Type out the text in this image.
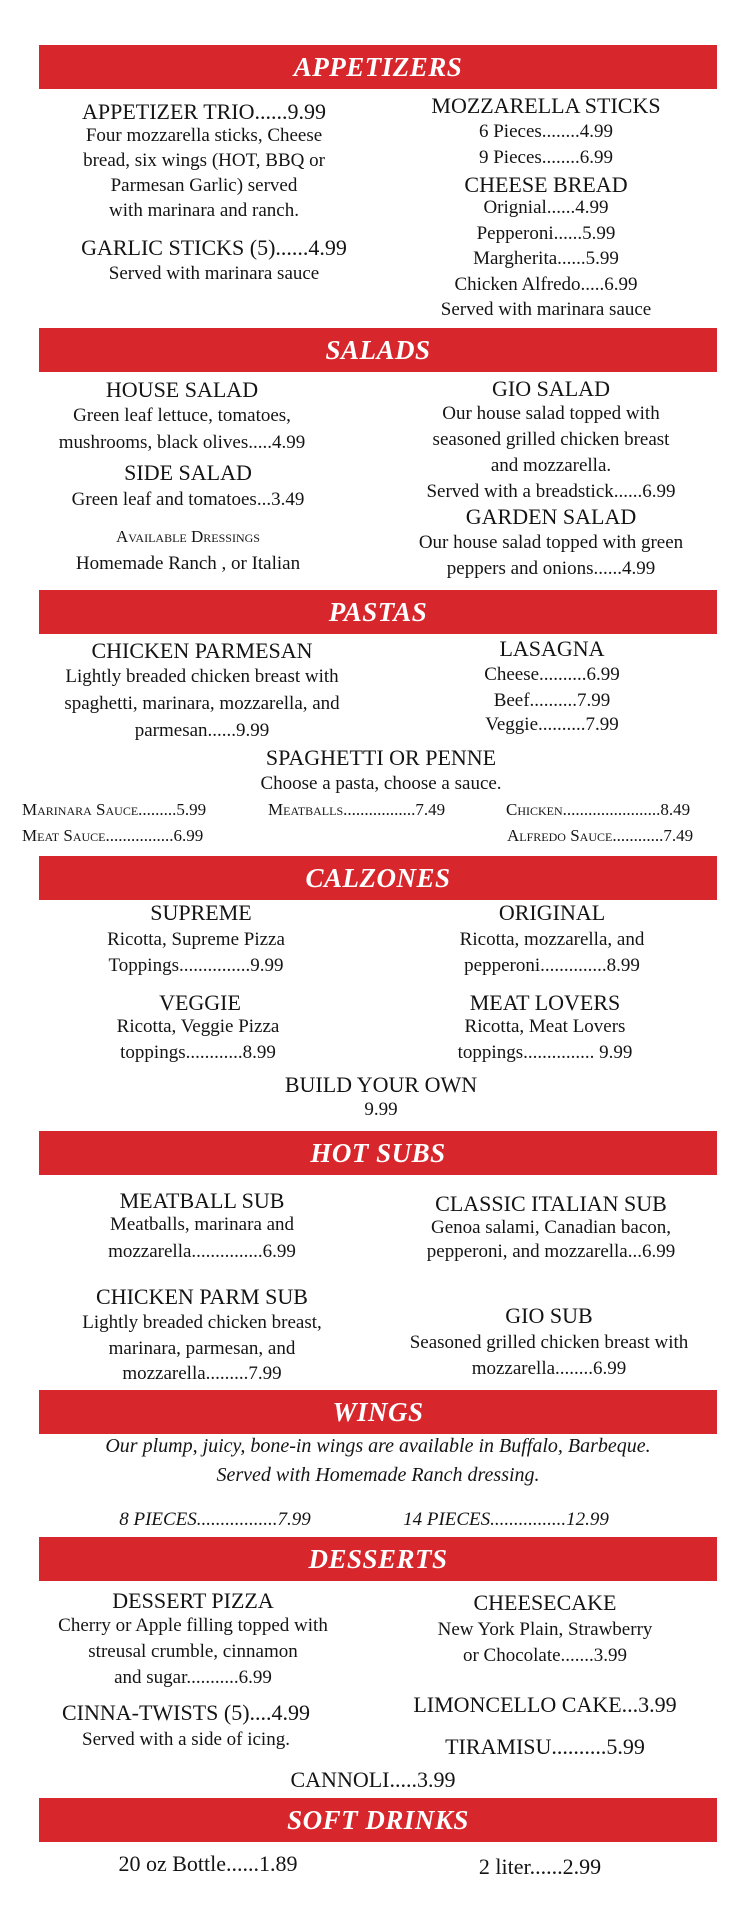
APPETIZERS
APPETIZER TRIO......9.99
Four mozzarella sticks, Cheese
bread, six wings (HOT, BBQ or
Parmesan Garlic) served
with marinara and ranch.
GARLIC STICKS (5)......4.99
Served with marinara sauce
MOZZARELLA STICKS
6 Pieces........4.99
9 Pieces........6.99
CHEESE BREAD
Orignial......4.99
Pepperoni......5.99
Margherita......5.99
Chicken Alfredo.....6.99
Served with marinara sauce
SALADS
HOUSE SALAD
Green leaf lettuce, tomatoes,
mushrooms, black olives.....4.99
SIDE SALAD
Green leaf and tomatoes...3.49
Available Dressings
Homemade Ranch , or Italian
GIO SALAD
Our house salad topped with
seasoned grilled chicken breast
and mozzarella.
Served with a breadstick......6.99
GARDEN SALAD
Our house salad topped with green
peppers and onions......4.99
PASTAS
CHICKEN PARMESAN
Lightly breaded chicken breast with
spaghetti, marinara, mozzarella, and
parmesan......9.99
LASAGNA
Cheese..........6.99
Beef..........7.99
Veggie..........7.99
SPAGHETTI OR PENNE
Choose a pasta, choose a sauce.
Marinara Sauce.........5.99	Meatballs.................7.49	Chicken.......................8.49
Meat Sauce................6.99	Alfredo Sauce............7.49
CALZONES
SUPREME
Ricotta, Supreme Pizza
Toppings...............9.99
ORIGINAL
Ricotta, mozzarella, and
pepperoni..............8.99
VEGGIE
Ricotta, Veggie Pizza
toppings............8.99
MEAT LOVERS
Ricotta, Meat Lovers
toppings............... 9.99
BUILD YOUR OWN
9.99
HOT SUBS
MEATBALL SUB
Meatballs, marinara and
mozzarella...............6.99
CLASSIC ITALIAN SUB
Genoa salami, Canadian bacon,
pepperoni, and mozzarella...6.99
CHICKEN PARM SUB
Lightly breaded chicken breast,
marinara, parmesan, and
mozzarella.........7.99
GIO SUB
Seasoned grilled chicken breast with
mozzarella........6.99
WINGS
Our plump, juicy, bone-in wings are available in Buffalo, Barbeque.
Served with Homemade Ranch dressing.
8 PIECES.................7.99	14 PIECES................12.99
DESSERTS
DESSERT PIZZA
Cherry or Apple filling topped with
streusal crumble, cinnamon
and sugar...........6.99
CINNA-TWISTS (5)....4.99
Served with a side of icing.
CHEESECAKE
New York Plain, Strawberry
or Chocolate.......3.99
LIMONCELLO CAKE...3.99
TIRAMISU..........5.99
CANNOLI.....3.99
SOFT DRINKS
20 oz Bottle......1.89	2 liter......2.99
